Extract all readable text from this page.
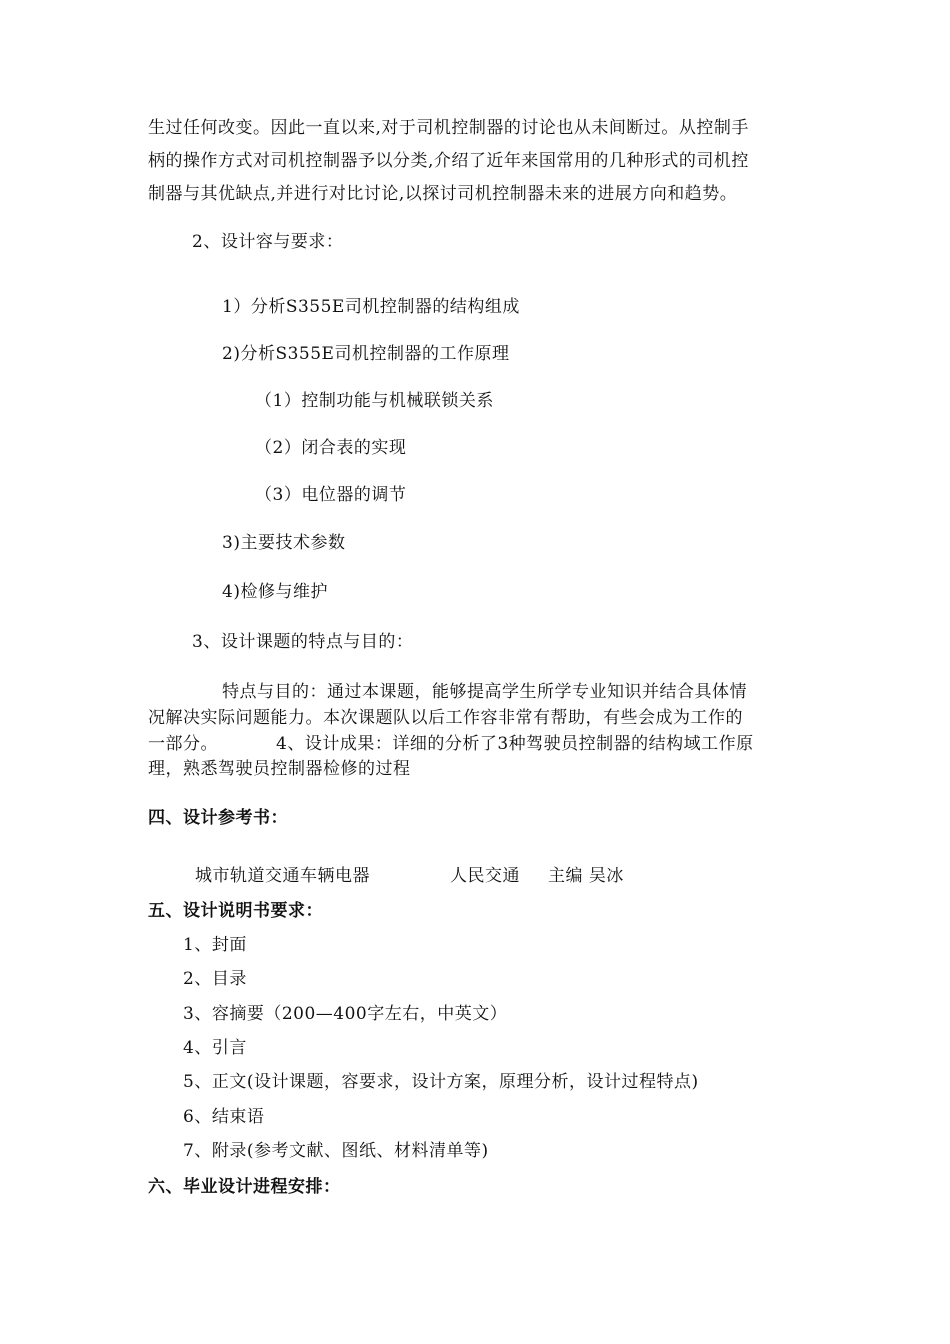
生过任何改变。因此一直以来,对于司机控制器的讨论也从未间断过。从控制手
柄的操作方式对司机控制器予以分类,介绍了近年来国常用的几种形式的司机控
制器与其优缺点,并进行对比讨论,以探讨司机控制器未来的进展方向和趋势。
2、设计容与要求：
1）分析S355E司机控制器的结构组成
2)分析S355E司机控制器的工作原理
（1）控制功能与机械联锁关系
（2）闭合表的实现
（3）电位器的调节
3)主要技术参数
4)检修与维护
3、设计课题的特点与目的：
特点与目的：通过本课题，能够提高学生所学专业知识并结合具体情
况解决实际问题能力。本次课题队以后工作容非常有帮助，有些会成为工作的
一部分。	4、设计成果：详细的分析了3种驾驶员控制器的结构域工作原
理，熟悉驾驶员控制器检修的过程
四、设计参考书：
城市轨道交通车辆电器	人民交通 主编 吴冰
五、设计说明书要求：
1、封面
2、目录
3、容摘要（200—400字左右，中英文）
4、引言
5、正文(设计课题，容要求，设计方案，原理分析，设计过程特点)
6、结束语
7、附录(参考文献、图纸、材料清单等)
六、毕业设计进程安排：
